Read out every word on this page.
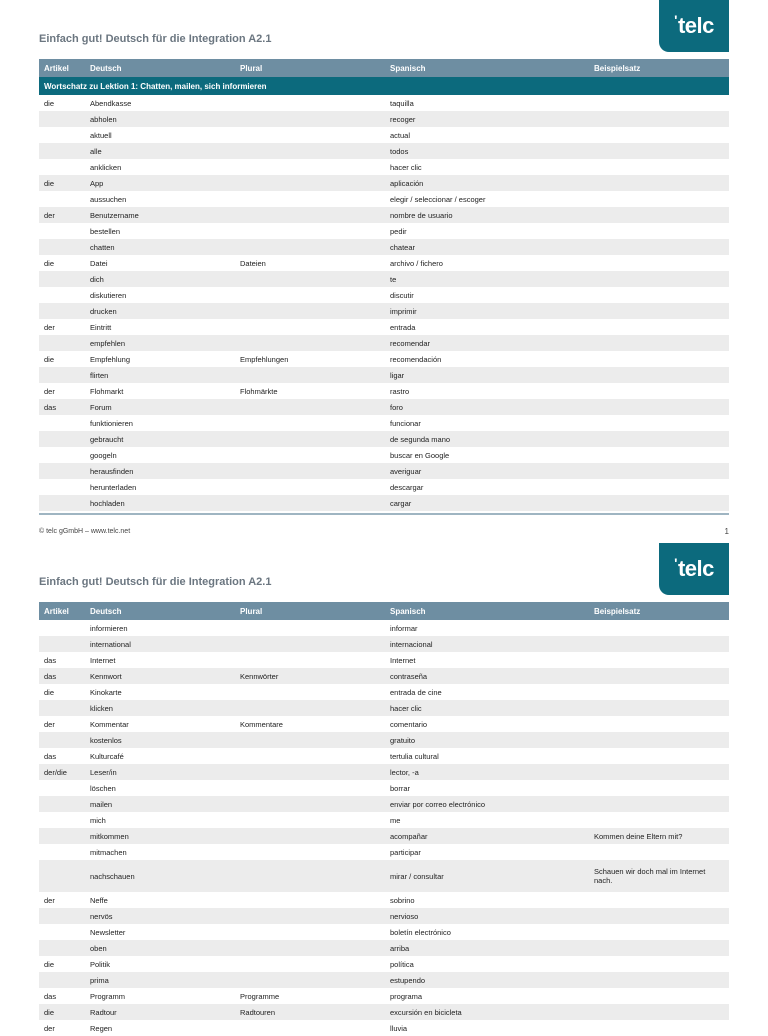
' telc
Einfach gut! Deutsch für die Integration A2.1
Artikel	Deutsch	Plural	Spanisch	Beispielsatz
Wortschatz zu Lektion 1: Chatten, mailen, sich informieren				
die	Abendkasse		taquilla	
	abholen		recoger	
	aktuell		actual	
	alle		todos	
	anklicken		hacer clic	
die	App		aplicación	
	aussuchen		elegir / seleccionar / escoger	
der	Benutzername		nombre de usuario	
	bestellen		pedir	
	chatten		chatear	
die	Datei	Dateien	archivo / fichero	
	dich		te	
	diskutieren		discutir	
	drucken		imprimir	
der	Eintritt		entrada	
	empfehlen		recomendar	
die	Empfehlung	Empfehlungen	recomendación	
	flirten		ligar	
der	Flohmarkt	Flohmärkte	rastro	
das	Forum		foro	
	funktionieren		funcionar	
	gebraucht		de segunda mano	
	googeln		buscar en Google	
	herausfinden		averiguar	
	herunterladen		descargar	
	hochladen		cargar	
© telc gGmbH – www.telc.net	1
' telc
Einfach gut! Deutsch für die Integration A2.1
Artikel	Deutsch	Plural	Spanisch	Beispielsatz
	informieren		informar	
	international		internacional	
das	Internet		Internet	
das	Kennwort	Kennwörter	contraseña	
die	Kinokarte		entrada de cine	
	klicken		hacer clic	
der	Kommentar	Kommentare	comentario	
	kostenlos		gratuito	
das	Kulturcafé		tertulia cultural	
der/die	Leser/in		lector, -a	
	löschen		borrar	
	mailen		enviar por correo electrónico	
	mich		me	
	mitkommen		acompañar	Kommen deine Eltern mit?
	mitmachen		participar	
	nachschauen		mirar / consultar	Schauen wir doch mal im Internet nach.
der	Neffe		sobrino	
	nervös		nervioso	
	Newsletter		boletín electrónico	
	oben		arriba	
die	Politik		política	
	prima		estupendo	
das	Programm	Programme	programa	
die	Radtour	Radtouren	excursión en bicicleta	
der	Regen		lluvia	
